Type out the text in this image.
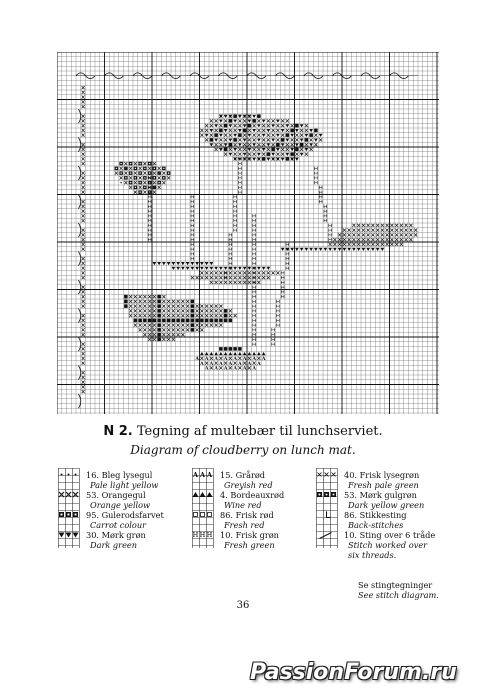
A A A A A A A A
A A A A A A A
A A A A A A
N 2. Tegning af multebær til lunchserviet.
Diagram of cloudberry on lunch mat.
16. Bleg lysegul
Pale light yellow
53. Orangegul
Orange yellow
95. Gulerodsfarvet
Carrot colour
30. Mørk grøn
Dark green
A A A
H H H
15. Grårød
Greyish red
4. Bordeauxrød
Wine red
86. Frisk rød
Fresh red
10. Frisk grøn
Fresh green
40. Frisk lysegrøn
Fresh pale green
53. Mørk gulgrøn
Dark yellow green
86. Stikkesting
Back-stitches
10. Sting over 6 tråde
Stitch worked over
six threads.
Se stingtegninger
See stitch diagram.
36
PassionForum.ru
